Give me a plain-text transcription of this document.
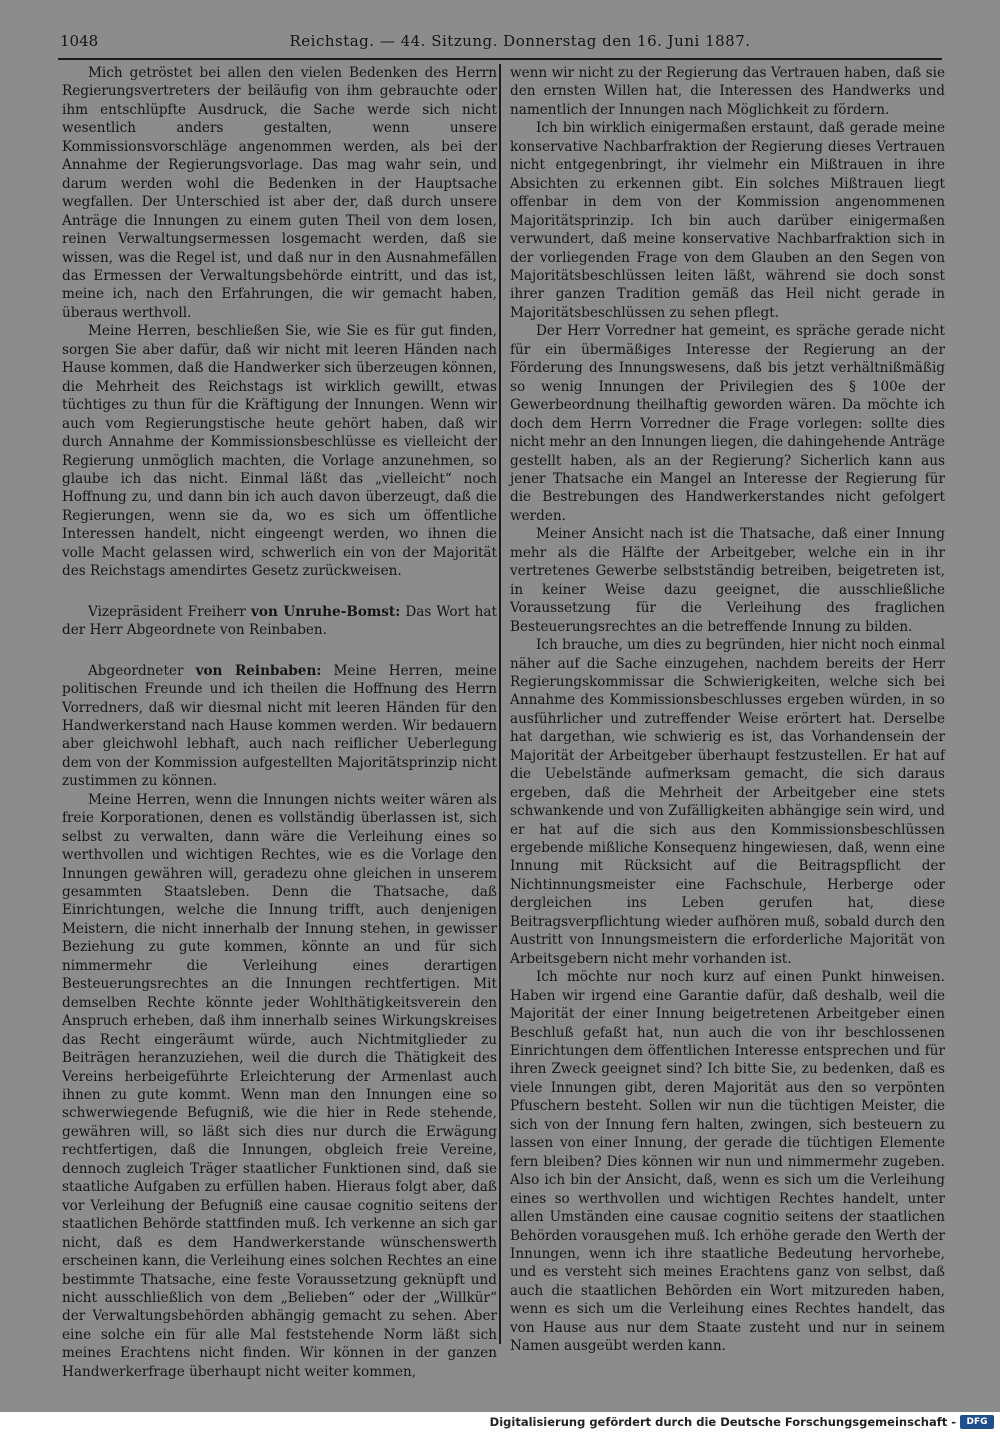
1048	Reichstag. — 44. Sitzung. Donnerstag den 16. Juni 1887.

Mich getröstet bei allen den vielen Bedenken des Herrn Regierungsvertreters der beiläufig von ihm gebrauchte oder ihm entschlüpfte Ausdruck, die Sache werde sich nicht wesentlich anders gestalten, wenn unsere Kommissionsvorschläge angenommen werden, als bei der Annahme der Regierungsvorlage. Das mag wahr sein, und darum werden wohl die Bedenken in der Hauptsache wegfallen. Der Unterschied ist aber der, daß durch unsere Anträge die Innungen zu einem guten Theil von dem losen, reinen Verwaltungsermessen losgemacht werden, daß sie wissen, was die Regel ist, und daß nur in den Ausnahmefällen das Ermessen der Verwaltungsbehörde eintritt, und das ist, meine ich, nach den Erfahrungen, die wir gemacht haben, überaus werthvoll.

Meine Herren, beschließen Sie, wie Sie es für gut finden, sorgen Sie aber dafür, daß wir nicht mit leeren Händen nach Hause kommen, daß die Handwerker sich überzeugen können, die Mehrheit des Reichstags ist wirklich gewillt, etwas tüchtiges zu thun für die Kräftigung der Innungen. Wenn wir auch vom Regierungstische heute gehört haben, daß wir durch Annahme der Kommissionsbeschlüsse es vielleicht der Regierung unmöglich machten, die Vorlage anzunehmen, so glaube ich das nicht. Einmal läßt das „vielleicht“ noch Hoffnung zu, und dann bin ich auch davon überzeugt, daß die Regierungen, wenn sie da, wo es sich um öffentliche Interessen handelt, nicht eingeengt werden, wo ihnen die volle Macht gelassen wird, schwerlich ein von der Majorität des Reichstags amendirtes Gesetz zurückweisen.

Vizepräsident Freiherr von Unruhe-Bomst: Das Wort hat der Herr Abgeordnete von Reinbaben.

Abgeordneter von Reinbaben: Meine Herren, meine politischen Freunde und ich theilen die Hoffnung des Herrn Vorredners, daß wir diesmal nicht mit leeren Händen für den Handwerkerstand nach Hause kommen werden. Wir bedauern aber gleichwohl lebhaft, auch nach reiflicher Ueberlegung dem von der Kommission aufgestellten Majoritätsprinzip nicht zustimmen zu können.

Meine Herren, wenn die Innungen nichts weiter wären als freie Korporationen, denen es vollständig überlassen ist, sich selbst zu verwalten, dann wäre die Verleihung eines so werthvollen und wichtigen Rechtes, wie es die Vorlage den Innungen gewähren will, geradezu ohne gleichen in unserem gesammten Staatsleben. Denn die Thatsache, daß Einrichtungen, welche die Innung trifft, auch denjenigen Meistern, die nicht innerhalb der Innung stehen, in gewisser Beziehung zu gute kommen, könnte an und für sich nimmermehr die Verleihung eines derartigen Besteuerungsrechtes an die Innungen rechtfertigen. Mit demselben Rechte könnte jeder Wohlthätigkeitsverein den Anspruch erheben, daß ihm innerhalb seines Wirkungskreises das Recht eingeräumt würde, auch Nichtmitglieder zu Beiträgen heranzuziehen, weil die durch die Thätigkeit des Vereins herbeigeführte Erleichterung der Armenlast auch ihnen zu gute kommt. Wenn man den Innungen eine so schwerwiegende Befugniß, wie die hier in Rede stehende, gewähren will, so läßt sich dies nur durch die Erwägung rechtfertigen, daß die Innungen, obgleich freie Vereine, dennoch zugleich Träger staatlicher Funktionen sind, daß sie staatliche Aufgaben zu erfüllen haben. Hieraus folgt aber, daß vor Verleihung der Befugniß eine causae cognitio seitens der staatlichen Behörde stattfinden muß. Ich verkenne an sich gar nicht, daß es dem Handwerkerstande wünschenswerth erscheinen kann, die Verleihung eines solchen Rechtes an eine bestimmte Thatsache, eine feste Voraussetzung geknüpft und nicht ausschließlich von dem „Belieben“ oder der „Willkür“ der Verwaltungsbehörden abhängig gemacht zu sehen. Aber eine solche ein für alle Mal feststehende Norm läßt sich meines Erachtens nicht finden. Wir können in der ganzen Handwerkerfrage überhaupt nicht weiter kommen,

wenn wir nicht zu der Regierung das Vertrauen haben, daß sie den ernsten Willen hat, die Interessen des Handwerks und namentlich der Innungen nach Möglichkeit zu fördern.

Ich bin wirklich einigermaßen erstaunt, daß gerade meine konservative Nachbarfraktion der Regierung dieses Vertrauen nicht entgegenbringt, ihr vielmehr ein Mißtrauen in ihre Absichten zu erkennen gibt. Ein solches Mißtrauen liegt offenbar in dem von der Kommission angenommenen Majoritätsprinzip. Ich bin auch darüber einigermaßen verwundert, daß meine konservative Nachbarfraktion sich in der vorliegenden Frage von dem Glauben an den Segen von Majoritätsbeschlüssen leiten läßt, während sie doch sonst ihrer ganzen Tradition gemäß das Heil nicht gerade in Majoritätsbeschlüssen zu sehen pflegt.

Der Herr Vorredner hat gemeint, es spräche gerade nicht für ein übermäßiges Interesse der Regierung an der Förderung des Innungswesens, daß bis jetzt verhältnißmäßig so wenig Innungen der Privilegien des § 100e der Gewerbeordnung theilhaftig geworden wären. Da möchte ich doch dem Herrn Vorredner die Frage vorlegen: sollte dies nicht mehr an den Innungen liegen, die dahingehende Anträge gestellt haben, als an der Regierung? Sicherlich kann aus jener Thatsache ein Mangel an Interesse der Regierung für die Bestrebungen des Handwerkerstandes nicht gefolgert werden.

Meiner Ansicht nach ist die Thatsache, daß einer Innung mehr als die Hälfte der Arbeitgeber, welche ein in ihr vertretenes Gewerbe selbstständig betreiben, beigetreten ist, in keiner Weise dazu geeignet, die ausschließliche Voraussetzung für die Verleihung des fraglichen Besteuerungsrechtes an die betreffende Innung zu bilden.

Ich brauche, um dies zu begründen, hier nicht noch einmal näher auf die Sache einzugehen, nachdem bereits der Herr Regierungskommissar die Schwierigkeiten, welche sich bei Annahme des Kommissionsbeschlusses ergeben würden, in so ausführlicher und zutreffender Weise erörtert hat. Derselbe hat dargethan, wie schwierig es ist, das Vorhandensein der Majorität der Arbeitgeber überhaupt festzustellen. Er hat auf die Uebelstände aufmerksam gemacht, die sich daraus ergeben, daß die Mehrheit der Arbeitgeber eine stets schwankende und von Zufälligkeiten abhängige sein wird, und er hat auf die sich aus den Kommissionsbeschlüssen ergebende mißliche Konsequenz hingewiesen, daß, wenn eine Innung mit Rücksicht auf die Beitragspflicht der Nichtinnungsmeister eine Fachschule, Herberge oder dergleichen ins Leben gerufen hat, diese Beitragsverpflichtung wieder aufhören muß, sobald durch den Austritt von Innungsmeistern die erforderliche Majorität von Arbeitsgebern nicht mehr vorhanden ist.

Ich möchte nur noch kurz auf einen Punkt hinweisen. Haben wir irgend eine Garantie dafür, daß deshalb, weil die Majorität der einer Innung beigetretenen Arbeitgeber einen Beschluß gefaßt hat, nun auch die von ihr beschlossenen Einrichtungen dem öffentlichen Interesse entsprechen und für ihren Zweck geeignet sind? Ich bitte Sie, zu bedenken, daß es viele Innungen gibt, deren Majorität aus den so verpönten Pfuschern besteht. Sollen wir nun die tüchtigen Meister, die sich von der Innung fern halten, zwingen, sich besteuern zu lassen von einer Innung, der gerade die tüchtigen Elemente fern bleiben? Dies können wir nun und nimmermehr zugeben. Also ich bin der Ansicht, daß, wenn es sich um die Verleihung eines so werthvollen und wichtigen Rechtes handelt, unter allen Umständen eine causae cognitio seitens der staatlichen Behörden vorausgehen muß. Ich erhöhe gerade den Werth der Innungen, wenn ich ihre staatliche Bedeutung hervorhebe, und es versteht sich meines Erachtens ganz von selbst, daß auch die staatlichen Behörden ein Wort mitzureden haben, wenn es sich um die Verleihung eines Rechtes handelt, das von Hause aus nur dem Staate zusteht und nur in seinem Namen ausgeübt werden kann.

Digitalisierung gefördert durch die Deutsche Forschungsgemeinschaft -	DFG
